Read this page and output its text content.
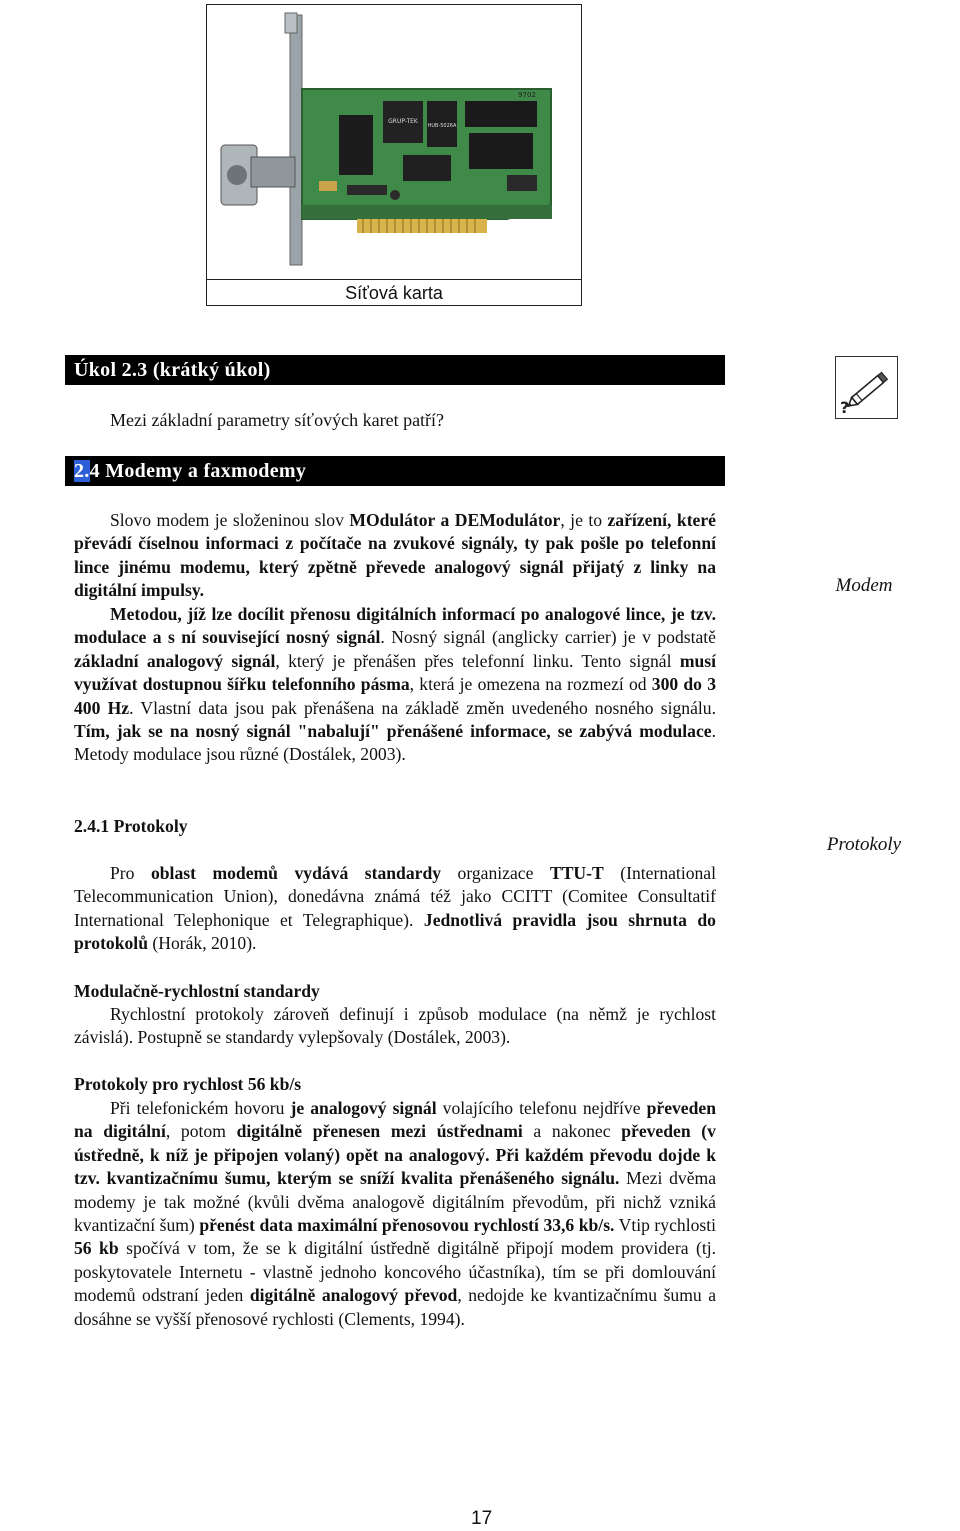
GRUP-TEK
HUB-5026A
9702
Síťová karta
Úkol 2.3 (krátký úkol)
?
Mezi základní parametry síťových karet patří?
2.4 Modemy a faxmodemy
Slovo modem je složeninou slov MOdulátor a DEModulátor, je to zařízení, které převádí číselnou informaci z počítače na zvukové signály, ty pak pošle po telefonní lince jinému modemu, který zpětně převede analogový signál přijatý z linky na digitální impulsy.	Modem
Metodou, jíž lze docílit přenosu digitálních informací po analogové lince, je tzv. modulace a s ní související nosný signál. Nosný signál (anglicky carrier) je v podstatě základní analogový signál, který je přenášen přes telefonní linku. Tento signál musí využívat dostupnou šířku telefonního pásma, která je omezena na rozmezí od 300 do 3 400 Hz. Vlastní data jsou pak přenášena na základě změn uvedeného nosného signálu. Tím, jak se na nosný signál "nabalují" přenášené informace, se zabývá modulace. Metody modulace jsou různé (Dostálek, 2003).
2.4.1 Protokoly
Protokoly
Pro oblast modemů vydává standardy organizace TTU-T (International Telecommunication Union), donedávna známá též jako CCITT (Comitee Consultatif International Telephonique et Telegraphique). Jednotlivá pravidla jsou shrnuta do protokolů (Horák, 2010).
Modulačně-rychlostní standardy
Rychlostní protokoly zároveň definují i způsob modulace (na němž je rychlost závislá). Postupně se standardy vylepšovaly (Dostálek, 2003).
Protokoly pro rychlost 56 kb/s
Při telefonickém hovoru je analogový signál volajícího telefonu nejdříve převeden na digitální, potom digitálně přenesen mezi ústřednami a nakonec převeden (v ústředně, k níž je připojen volaný) opět na analogový. Při každém převodu dojde k tzv. kvantizačnímu šumu, kterým se sníží kvalita přenášeného signálu. Mezi dvěma modemy je tak možné (kvůli dvěma analogově digitálním převodům, při nichž vzniká kvantizační šum) přenést data maximální přenosovou rychlostí 33,6 kb/s. Vtip rychlosti 56 kb spočívá v tom, že se k digitální ústředně digitálně připojí modem providera (tj. poskytovatele Internetu - vlastně jednoho koncového účastníka), tím se při domlouvání modemů odstraní jeden digitálně analogový převod, nedojde ke kvantizačnímu šumu a dosáhne se vyšší přenosové rychlosti (Clements, 1994).
17
